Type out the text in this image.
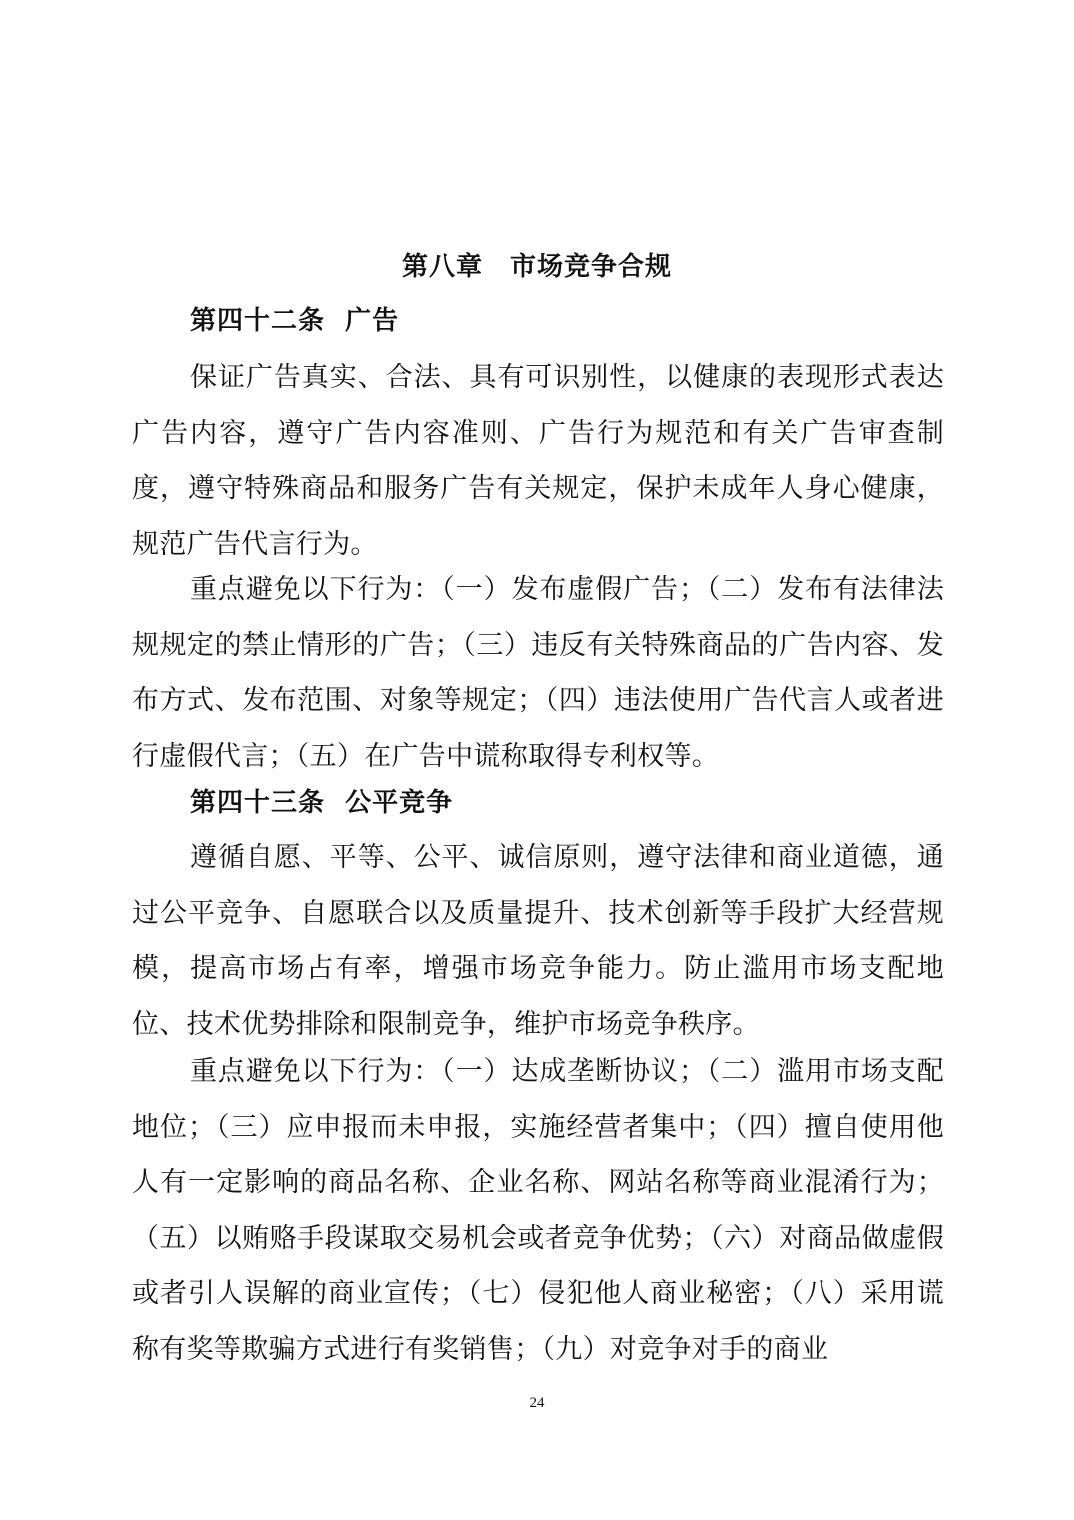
第八章　市场竞争合规
第四十二条  广告

保证广告真实、合法、具有可识别性，以健康的表现形式表达广告内容，遵守广告内容准则、广告行为规范和有关广告审查制度，遵守特殊商品和服务广告有关规定，保护未成年人身心健康，规范广告代言行为。

重点避免以下行为：（一）发布虚假广告；（二）发布有法律法规规定的禁止情形的广告；（三）违反有关特殊商品的广告内容、发布方式、发布范围、对象等规定；（四）违法使用广告代言人或者进行虚假代言；（五）在广告中谎称取得专利权等。

第四十三条  公平竞争

遵循自愿、平等、公平、诚信原则，遵守法律和商业道德，通过公平竞争、自愿联合以及质量提升、技术创新等手段扩大经营规模，提高市场占有率，增强市场竞争能力。防止滥用市场支配地位、技术优势排除和限制竞争，维护市场竞争秩序。

重点避免以下行为：（一）达成垄断协议；（二）滥用市场支配地位；（三）应申报而未申报，实施经营者集中；（四）擅自使用他人有一定影响的商品名称、企业名称、网站名称等商业混淆行为；（五）以贿赂手段谋取交易机会或者竞争优势；（六）对商品做虚假或者引人误解的商业宣传；（七）侵犯他人商业秘密；（八）采用谎称有奖等欺骗方式进行有奖销售；（九）对竞争对手的商业

24
